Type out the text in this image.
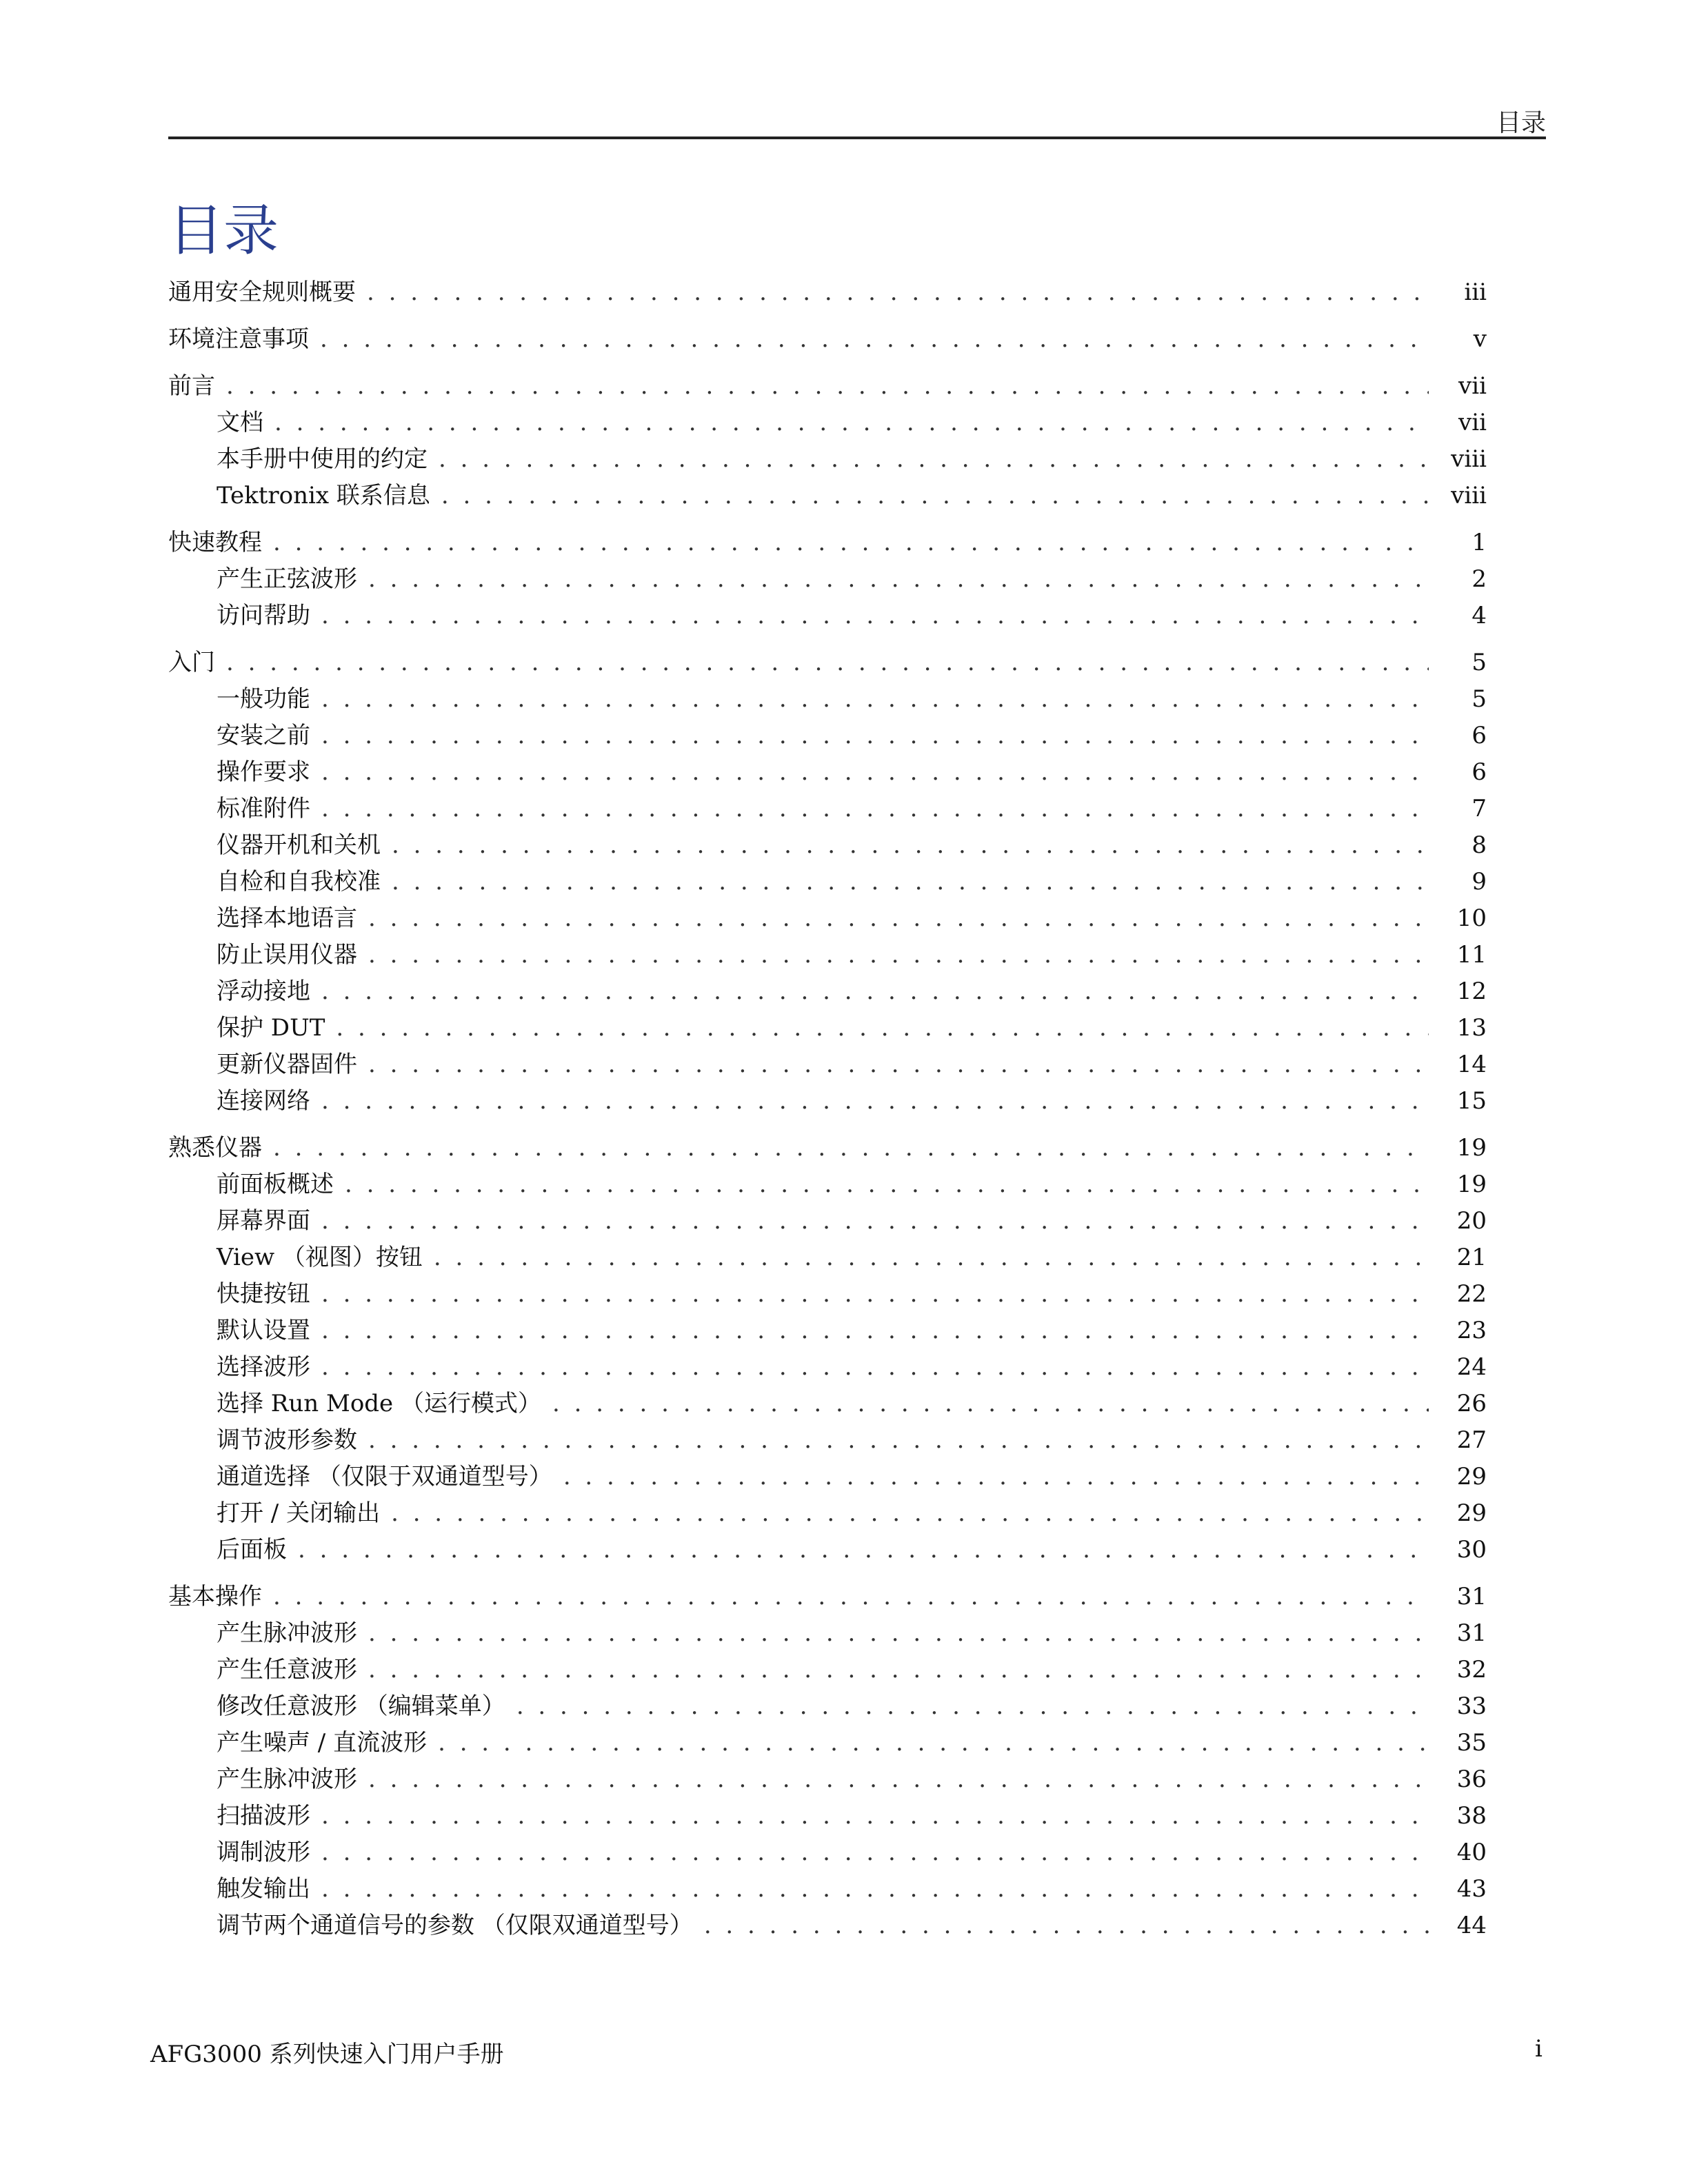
目录
目录
通用安全规则概要 . . .	iii
环境注意事项 . . .	v
前言 . . .	vii
文档 . . .	vii
本手册中使用的约定 . . .	viii
Tektronix 联系信息 . . .	viii
快速教程 . . .	1
产生正弦波形 . . .	2
访问帮助 . . .	4
入门 . . .	5
一般功能 . . .	5
安装之前 . . .	6
操作要求 . . .	6
标准附件 . . .	7
仪器开机和关机 . . .	8
自检和自我校准 . . .	9
选择本地语言 . . .	10
防止误用仪器 . . .	11
浮动接地 . . .	12
保护 DUT . . .	13
更新仪器固件 . . .	14
连接网络 . . .	15
熟悉仪器 . . .	19
前面板概述 . . .	19
屏幕界面 . . .	20
View （视图）按钮 . . .	21
快捷按钮 . . .	22
默认设置 . . .	23
选择波形 . . .	24
选择 Run Mode （运行模式） . . .	26
调节波形参数 . . .	27
通道选择 （仅限于双通道型号） . . .	29
打开 / 关闭输出 . . .	29
后面板 . . .	30
基本操作 . . .	31
产生脉冲波形 . . .	31
产生任意波形 . . .	32
修改任意波形 （编辑菜单） . . .	33
产生噪声 / 直流波形 . . .	35
产生脉冲波形 . . .	36
扫描波形 . . .	38
调制波形 . . .	40
触发输出 . . .	43
调节两个通道信号的参数 （仅限双通道型号） . . .	44
AFG3000 系列快速入门用户手册	i
